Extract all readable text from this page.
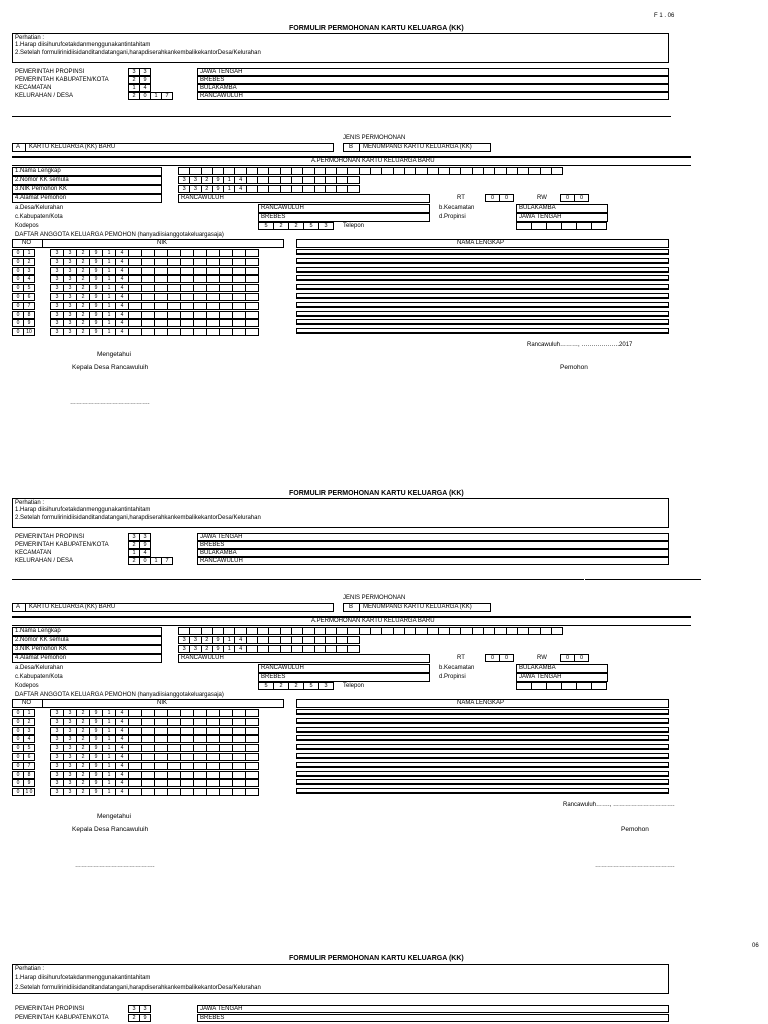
F 1 . 06
FORMULIR PERMOHONAN KARTU KELUARGA (KK)
Perhatian :
1.Harap diisihurufcetakdanmenggunakantintahitam
2.Setelah formulirinidiisidanditandatangani,harapdiserahkankembalikekantorDesa/Kelurahan
PEMERINTAH PROPINSI	3	3	JAWA TENGAH
PEMERINTAH KABUPATEN/KOTA	2	9	BREBES
KECAMATAN	1	4	BULAKAMBA
KELURAHAN / DESA	2	0	1	7	RANCAWULUH
JENIS PERMOHONAN
A KARTU KELUARGA (KK) BARU	B MENUMPANG KARTU KELUARGA (KK)
A.PERMOHONAN KARTU KELUARGA BARU
1.Nama Lengkap
2.Nomor KK semula	3	3	2	9	1	4
3.NIK Pemohon KK	3	3	2	9	1	4
4.Alamat Pemohon	RANCAWULUH	RT	0	0	RW	0	0
a.Desa/Kelurahan	RANCAWULUH	b.Kecamatan	BULAKAMBA
c.Kabupaten/Kota	BREBES	d.Propinsi	JAWA TENGAH
Kodepos	5	2	2	5	3	Telepon
DAFTAR ANGGOTA KELUARGA PEMOHON (hanyadiisianggotakeluargasaja)
NO	NIK	NAMA LENGKAP
0	1	3	3	2	9	1	4
0	2	3	3	2	9	1	4
0	3	3	3	2	9	1	4
0	4	3	3	2	9	1	4
0	5	3	3	2	9	1	4
0	6	3	3	2	9	1	4
0	7	3	3	2	9	1	4
0	8	3	3	2	9	1	4
0	9	3	3	2	9	1	4
0	10	3	3	2	9	1	4
Rancawuluh………, ……………….2017
Mengetahui
Kepala Desa Rancawuluih	Pemohon
………………………………….
FORMULIR PERMOHONAN KARTU KELUARGA (KK)
Perhatian :
1.Harap diisihurufcetakdanmenggunakantintahitam
2.Setelah formulirinidiisidanditandatangani,harapdiserahkankembalikekantorDesa/Kelurahan
PEMERINTAH PROPINSI	3	3	JAWA TENGAH
PEMERINTAH KABUPATEN/KOTA	2	9	BREBES
KECAMATAN	1	4	BULAKAMBA
KELURAHAN / DESA	2	0	1	7	RANCAWULUH
JENIS PERMOHONAN
A KARTU KELUARGA (KK) BARU	B MENUMPANG KARTU KELUARGA (KK)
A.PERMOHONAN KARTU KELUARGA BARU
1.Nama Lengkap
2.Nomor KK semula	3	3	2	9	1	4
3.NIK Pemohon KK	3	3	2	9	1	4
4.Alamat Pemohon	RANCAWULUH	RT	0	0	RW	0	0
a.Desa/Kelurahan	RANCAWULUH	b.Kecamatan	BULAKAMBA
c.Kabupaten/Kota	BREBES	d.Propinsi	JAWA TENGAH
Kodepos	5	2	2	5	3	Telepon
DAFTAR ANGGOTA KELUARGA PEMOHON (hanyadiisianggotakeluargasaja)
NO	NIK	NAMA LENGKAP
0	1	3	3	2	9	1	4
0	2	3	3	2	9	1	4
0	3	3	3	2	9	1	4
0	4	3	3	2	9	1	4
0	5	3	3	2	9	1	4
0	6	3	3	2	9	1	4
0	7	3	3	2	9	1	4
0	8	3	3	2	9	1	4
0	9	3	3	2	9	1	4
0	1 0	3	3	2	9	1	4
Rancawuluh……., ………………………….
Mengetahui
Kepala Desa Rancawuluih	Pemohon
………………………………….	………………………………….
06
FORMULIR PERMOHONAN KARTU KELUARGA (KK)
Perhatian :
1.Harap diisihurufcetakdanmenggunakantintahitam
2.Setelah formulirinidiisidanditandatangani,harapdiserahkankembalikekantorDesa/Kelurahan
PEMERINTAH PROPINSI	3	3	JAWA TENGAH
PEMERINTAH KABUPATEN/KOTA	2	9	BREBES
